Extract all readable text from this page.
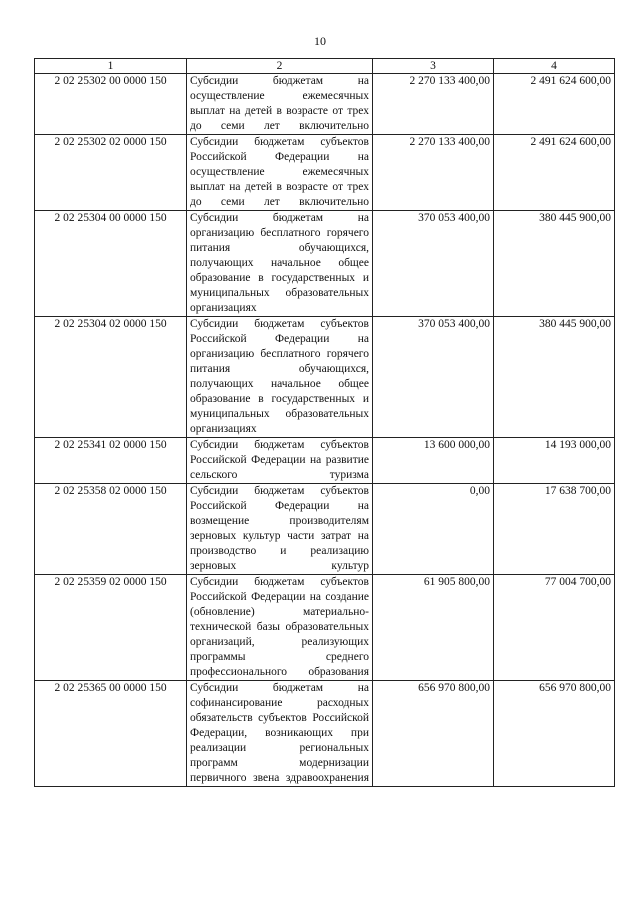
10
1	2	3	4
2 02 25302 00 0000 150	Субсидии бюджетам на осуществление ежемесячных выплат на детей в возрасте от трех до семи лет включительно	2 270 133 400,00	2 491 624 600,00
2 02 25302 02 0000 150	Субсидии бюджетам субъектов Российской Федерации на осуществление ежемесячных выплат на детей в возрасте от трех до семи лет включительно	2 270 133 400,00	2 491 624 600,00
2 02 25304 00 0000 150	Субсидии бюджетам на организацию бесплатного горячего питания обучающихся, получающих начальное общее образование в государственных и муниципальных образовательных организациях	370 053 400,00	380 445 900,00
2 02 25304 02 0000 150	Субсидии бюджетам субъектов Российской Федерации на организацию бесплатного горячего питания обучающихся, получающих начальное общее образование в государственных и муниципальных образовательных организациях	370 053 400,00	380 445 900,00
2 02 25341 02 0000 150	Субсидии бюджетам субъектов Российской Федерации на развитие сельского туризма	13 600 000,00	14 193 000,00
2 02 25358 02 0000 150	Субсидии бюджетам субъектов Российской Федерации на возмещение производителям зерновых культур части затрат на производство и реализацию зерновых культур	0,00	17 638 700,00
2 02 25359 02 0000 150	Субсидии бюджетам субъектов Российской Федерации на создание (обновление) материально-технической базы образовательных организаций, реализующих программы среднего профессионального образования	61 905 800,00	77 004 700,00
2 02 25365 00 0000 150	Субсидии бюджетам на софинансирование расходных обязательств субъектов Российской Федерации, возникающих при реализации региональных программ модернизации первичного звена здравоохранения	656 970 800,00	656 970 800,00
